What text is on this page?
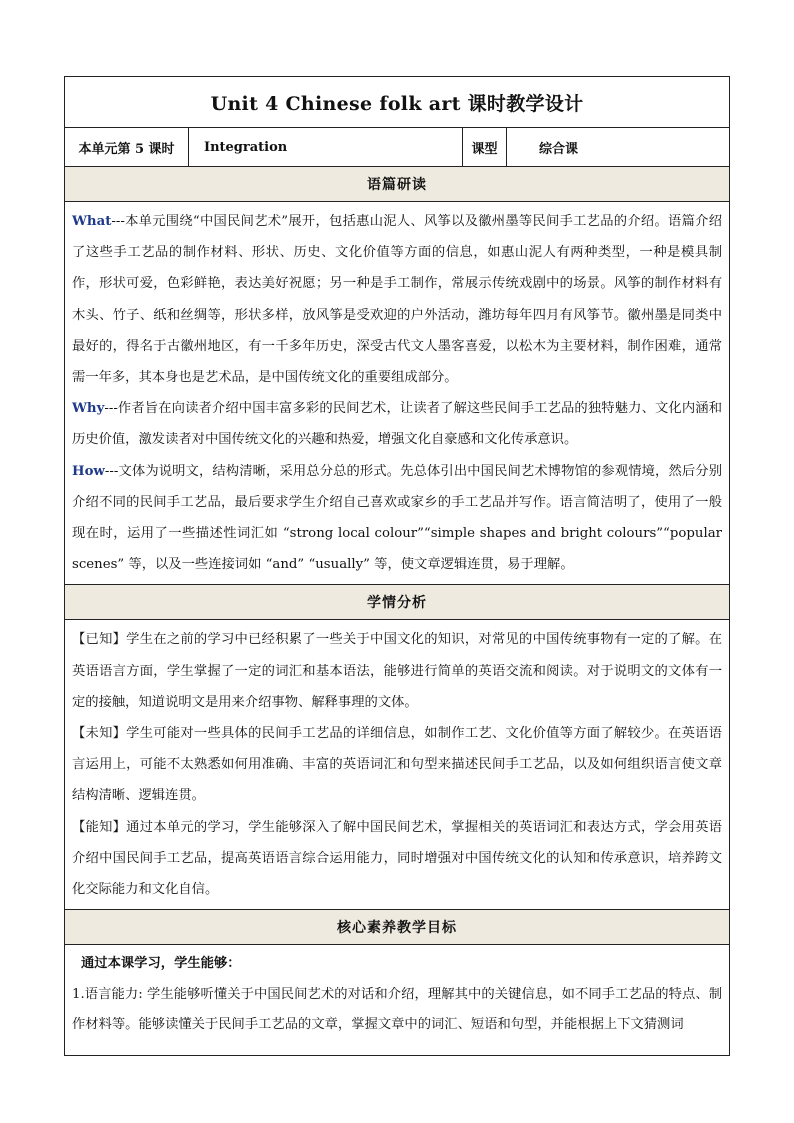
Unit 4 Chinese folk art 课时教学设计
本单元第 5 课时	Integration	课型	综合课
语篇研读

What---本单元围绕“中国民间艺术”展开，包括惠山泥人、风筝以及徽州墨等民间手工艺品的介绍。语篇介绍了这些手工艺品的制作材料、形状、历史、文化价值等方面的信息，如惠山泥人有两种类型，一种是模具制作，形状可爱，色彩鲜艳，表达美好祝愿；另一种是手工制作，常展示传统戏剧中的场景。风筝的制作材料有木头、竹子、纸和丝绸等，形状多样，放风筝是受欢迎的户外活动，潍坊每年四月有风筝节。徽州墨是同类中最好的，得名于古徽州地区，有一千多年历史，深受古代文人墨客喜爱，以松木为主要材料，制作困难，通常需一年多，其本身也是艺术品，是中国传统文化的重要组成部分。

Why---作者旨在向读者介绍中国丰富多彩的民间艺术，让读者了解这些民间手工艺品的独特魅力、文化内涵和历史价值，激发读者对中国传统文化的兴趣和热爱，增强文化自豪感和文化传承意识。

How---文体为说明文，结构清晰，采用总分总的形式。先总体引出中国民间艺术博物馆的参观情境，然后分别介绍不同的民间手工艺品，最后要求学生介绍自己喜欢或家乡的手工艺品并写作。语言简洁明了，使用了一般现在时，运用了一些描述性词汇如 “strong local colour”“simple shapes and bright colours”“popular scenes” 等，以及一些连接词如 “and” “usually” 等，使文章逻辑连贯，易于理解。

学情分析

【已知】学生在之前的学习中已经积累了一些关于中国文化的知识，对常见的中国传统事物有一定的了解。在英语语言方面，学生掌握了一定的词汇和基本语法，能够进行简单的英语交流和阅读。对于说明文的文体有一定的接触，知道说明文是用来介绍事物、解释事理的文体。

【未知】学生可能对一些具体的民间手工艺品的详细信息，如制作工艺、文化价值等方面了解较少。在英语语言运用上，可能不太熟悉如何用准确、丰富的英语词汇和句型来描述民间手工艺品，以及如何组织语言使文章结构清晰、逻辑连贯。

【能知】通过本单元的学习，学生能够深入了解中国民间艺术，掌握相关的英语词汇和表达方式，学会用英语介绍中国民间手工艺品，提高英语语言综合运用能力，同时增强对中国传统文化的认知和传承意识，培养跨文化交际能力和文化自信。

核心素养教学目标

通过本课学习，学生能够：

1.语言能力: 学生能够听懂关于中国民间艺术的对话和介绍，理解其中的关键信息，如不同手工艺品的特点、制作材料等。能够读懂关于民间手工艺品的文章，掌握文章中的词汇、短语和句型，并能根据上下文猜测词
